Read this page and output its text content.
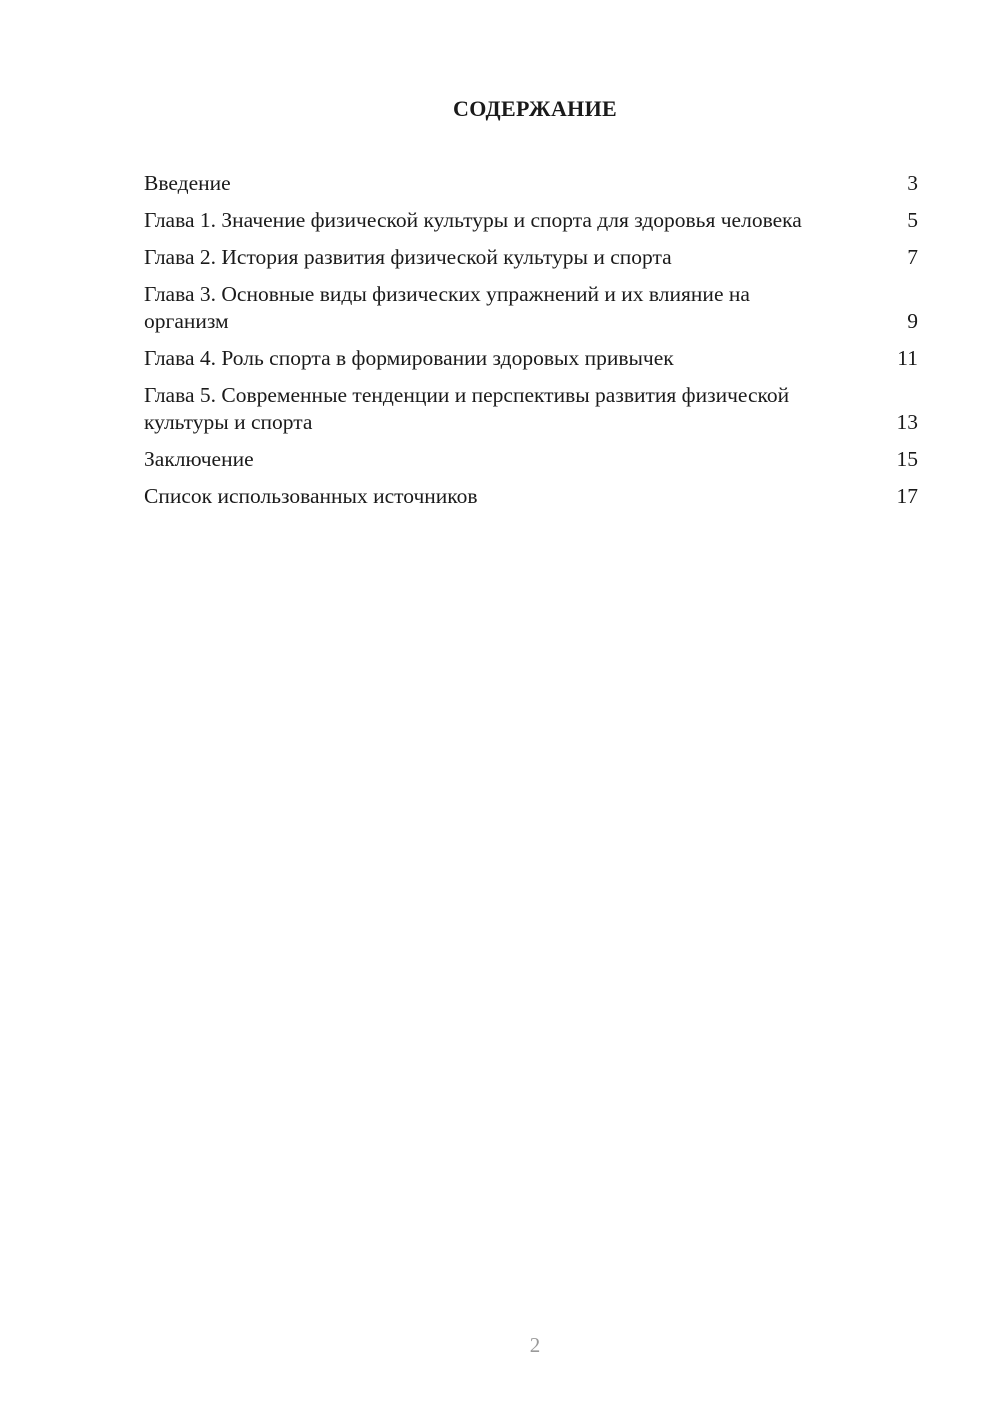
СОДЕРЖАНИЕ
Введение	3
Глава 1. Значение физической культуры и спорта для здоровья человека	5
Глава 2. История развития физической культуры и спорта	7
Глава 3. Основные виды физических упражнений и их влияние на организм	9
Глава 4. Роль спорта в формировании здоровых привычек	11
Глава 5. Современные тенденции и перспективы развития физической культуры и спорта	13
Заключение	15
Список использованных источников	17
2
